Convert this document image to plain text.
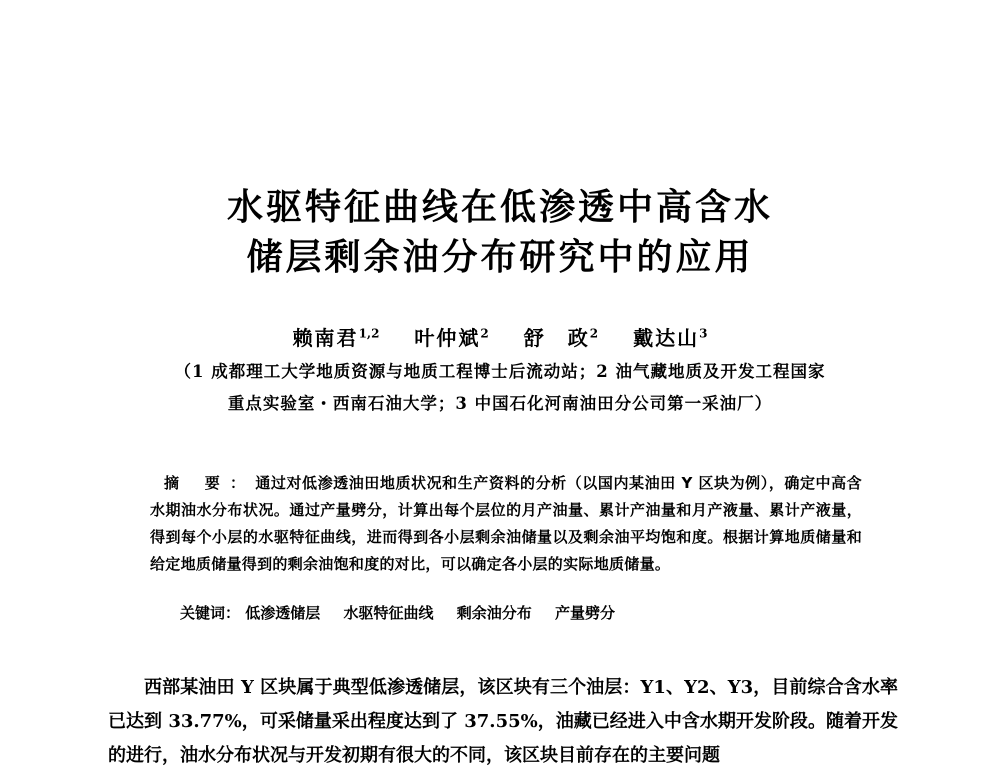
水驱特征曲线在低渗透中高含水
储层剩余油分布研究中的应用
赖南君$^{1,2}$ 叶仲斌$^2$ 舒　政$^2$ 戴达山$^3$
（1 成都理工大学地质资源与地质工程博士后流动站；2 油气藏地质及开发工程国家
重点实验室・西南石油大学；3 中国石化河南油田分公司第一采油厂）
摘 要：通过对低渗透油田地质状况和生产资料的分析（以国内某油田 Y 区块为例），确定中高含水期油水分布状况。通过产量劈分，计算出每个层位的月产油量、累计产油量和月产液量、累计产液量，得到每个小层的水驱特征曲线，进而得到各小层剩余油储量以及剩余油平均饱和度。根据计算地质储量和给定地质储量得到的剩余油饱和度的对比，可以确定各小层的实际地质储量。
关键词： 低渗透储层 水驱特征曲线 剩余油分布 产量劈分
西部某油田 Y 区块属于典型低渗透储层，该区块有三个油层：Y1、Y2、Y3，目前综合含水率已达到 33.77%，可采储量采出程度达到了 37.55%，油藏已经进入中含水期开发阶段。随着开发的进行，油水分布状况与开发初期有很大的不同，该区块目前存在的主要问题
